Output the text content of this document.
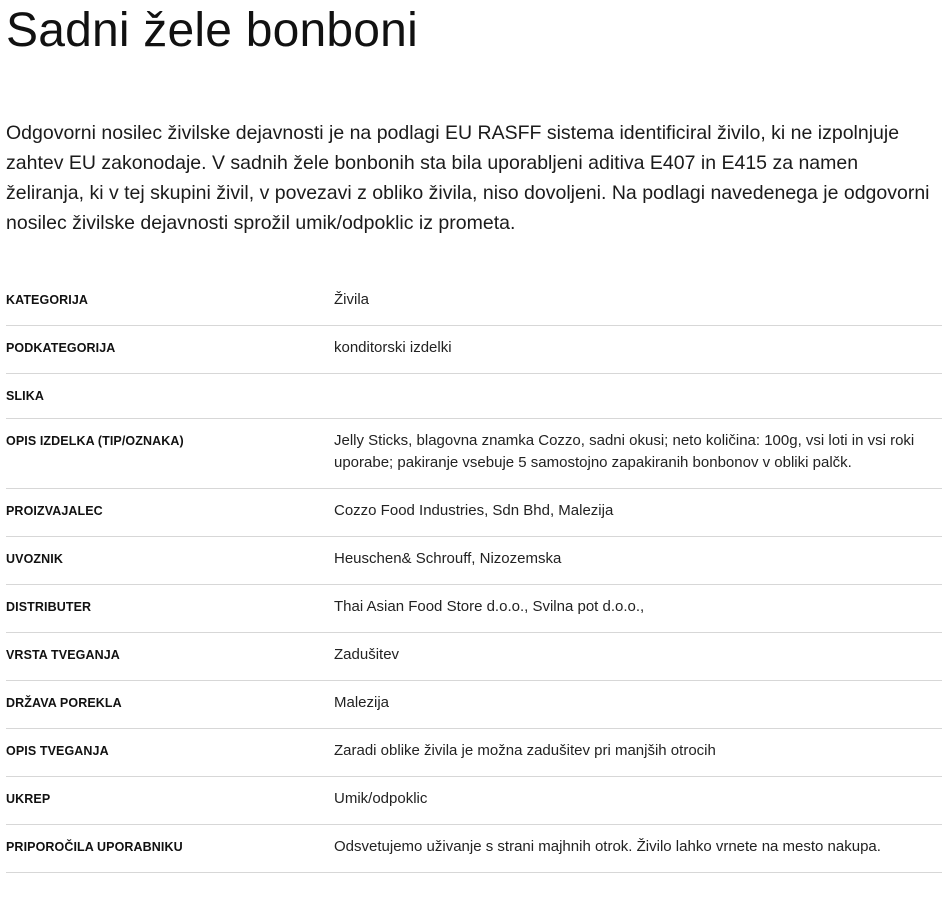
Sadni žele bonboni

Odgovorni nosilec živilske dejavnosti je na podlagi EU RASFF sistema identificiral živilo, ki ne izpolnjuje zahtev EU zakonodaje. V sadnih žele bonbonih sta bila uporabljeni aditiva E407 in E415 za namen želiranja, ki v tej skupini živil, v povezavi z obliko živila, niso dovoljeni. Na podlagi navedenega je odgovorni nosilec živilske dejavnosti sprožil umik/odpoklic iz prometa.

KATEGORIJA	Živila
PODKATEGORIJA	konditorski izdelki
SLIKA	
OPIS IZDELKA (TIP/OZNAKA)	Jelly Sticks, blagovna znamka Cozzo, sadni okusi; neto količina: 100g, vsi loti in vsi roki uporabe; pakiranje vsebuje 5 samostojno zapakiranih bonbonov v obliki palčk.
PROIZVAJALEC	Cozzo Food Industries, Sdn Bhd, Malezija
UVOZNIK	Heuschen& Schrouff, Nizozemska
DISTRIBUTER	Thai Asian Food Store d.o.o., Svilna pot d.o.o.,
VRSTA TVEGANJA	Zadušitev
DRŽAVA POREKLA	Malezija
OPIS TVEGANJA	Zaradi oblike živila je možna zadušitev pri manjših otrocih
UKREP	Umik/odpoklic
PRIPOROČILA UPORABNIKU	Odsvetujemo uživanje s strani majhnih otrok. Živilo lahko vrnete na mesto nakupa.
